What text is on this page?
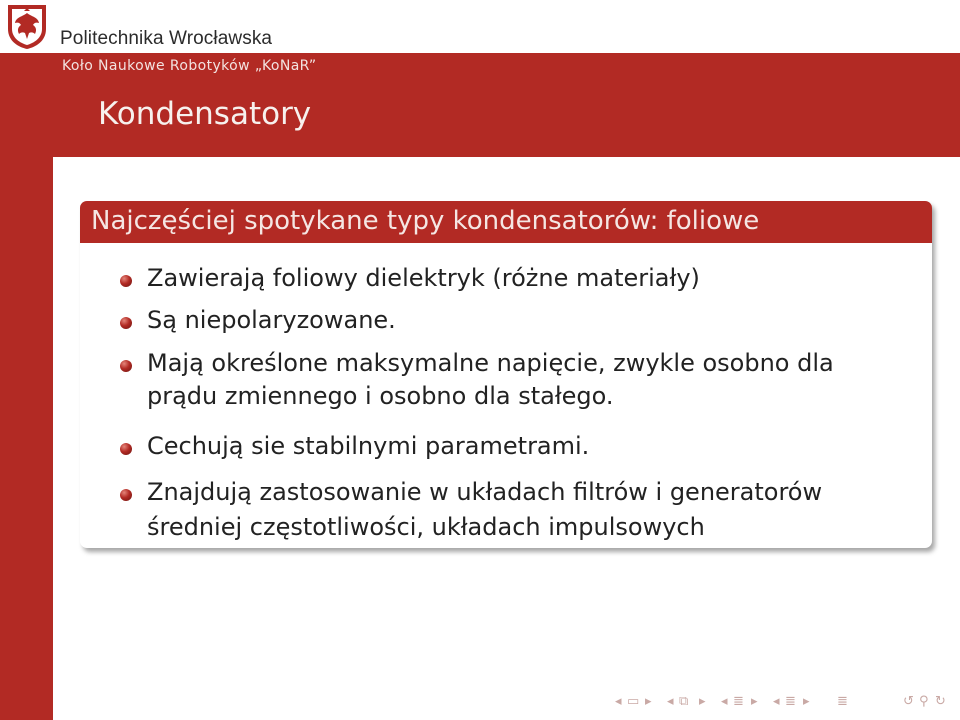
Politechnika Wrocławska
Koło Naukowe Robotyków „KoNaR”
Kondensatory
Najczęściej spotykane typy kondensatorów: foliowe
Zawierają foliowy dielektryk (różne materiały)
Są niepolaryzowane.
Mają określone maksymalne napięcie, zwykle osobno dla
prądu zmiennego i osobno dla stałego.
Cechują sie stabilnymi parametrami.
Znajdują zastosowanie w układach filtrów i generatorów
średniej częstotliwości, układach impulsowych
◂ ▭ ▸ ◂ ⧉ ▸ ◂ ≣ ▸ ◂ ≣ ▸ ≣	↺ ⚲ ↻
